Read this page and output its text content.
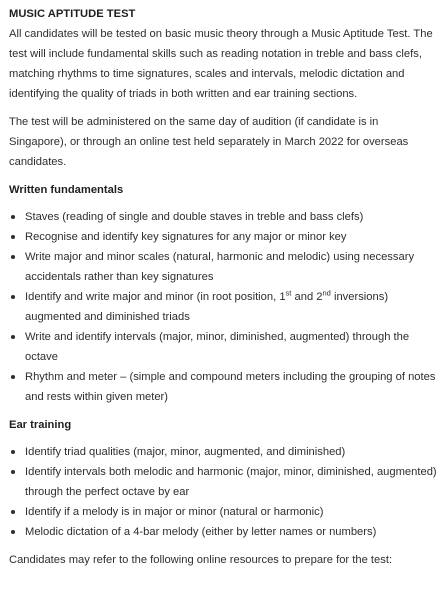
MUSIC APTITUDE TEST

All candidates will be tested on basic music theory through a Music Aptitude Test. The test will include fundamental skills such as reading notation in treble and bass clefs, matching rhythms to time signatures, scales and intervals, melodic dictation and identifying the quality of triads in both written and ear training sections.

The test will be administered on the same day of audition (if candidate is in Singapore), or through an online test held separately in March 2022 for overseas candidates.

Written fundamentals
Staves (reading of single and double staves in treble and bass clefs)
Recognise and identify key signatures for any major or minor key
Write major and minor scales (natural, harmonic and melodic) using necessary accidentals rather than key signatures
Identify and write major and minor (in root position, 1st and 2nd inversions) augmented and diminished triads
Write and identify intervals (major, minor, diminished, augmented) through the octave
Rhythm and meter – (simple and compound meters including the grouping of notes and rests within given meter)
Ear training
Identify triad qualities (major, minor, augmented, and diminished)
Identify intervals both melodic and harmonic (major, minor, diminished, augmented) through the perfect octave by ear
Identify if a melody is in major or minor (natural or harmonic)
Melodic dictation of a 4-bar melody (either by letter names or numbers)

Candidates may refer to the following online resources to prepare for the test:
